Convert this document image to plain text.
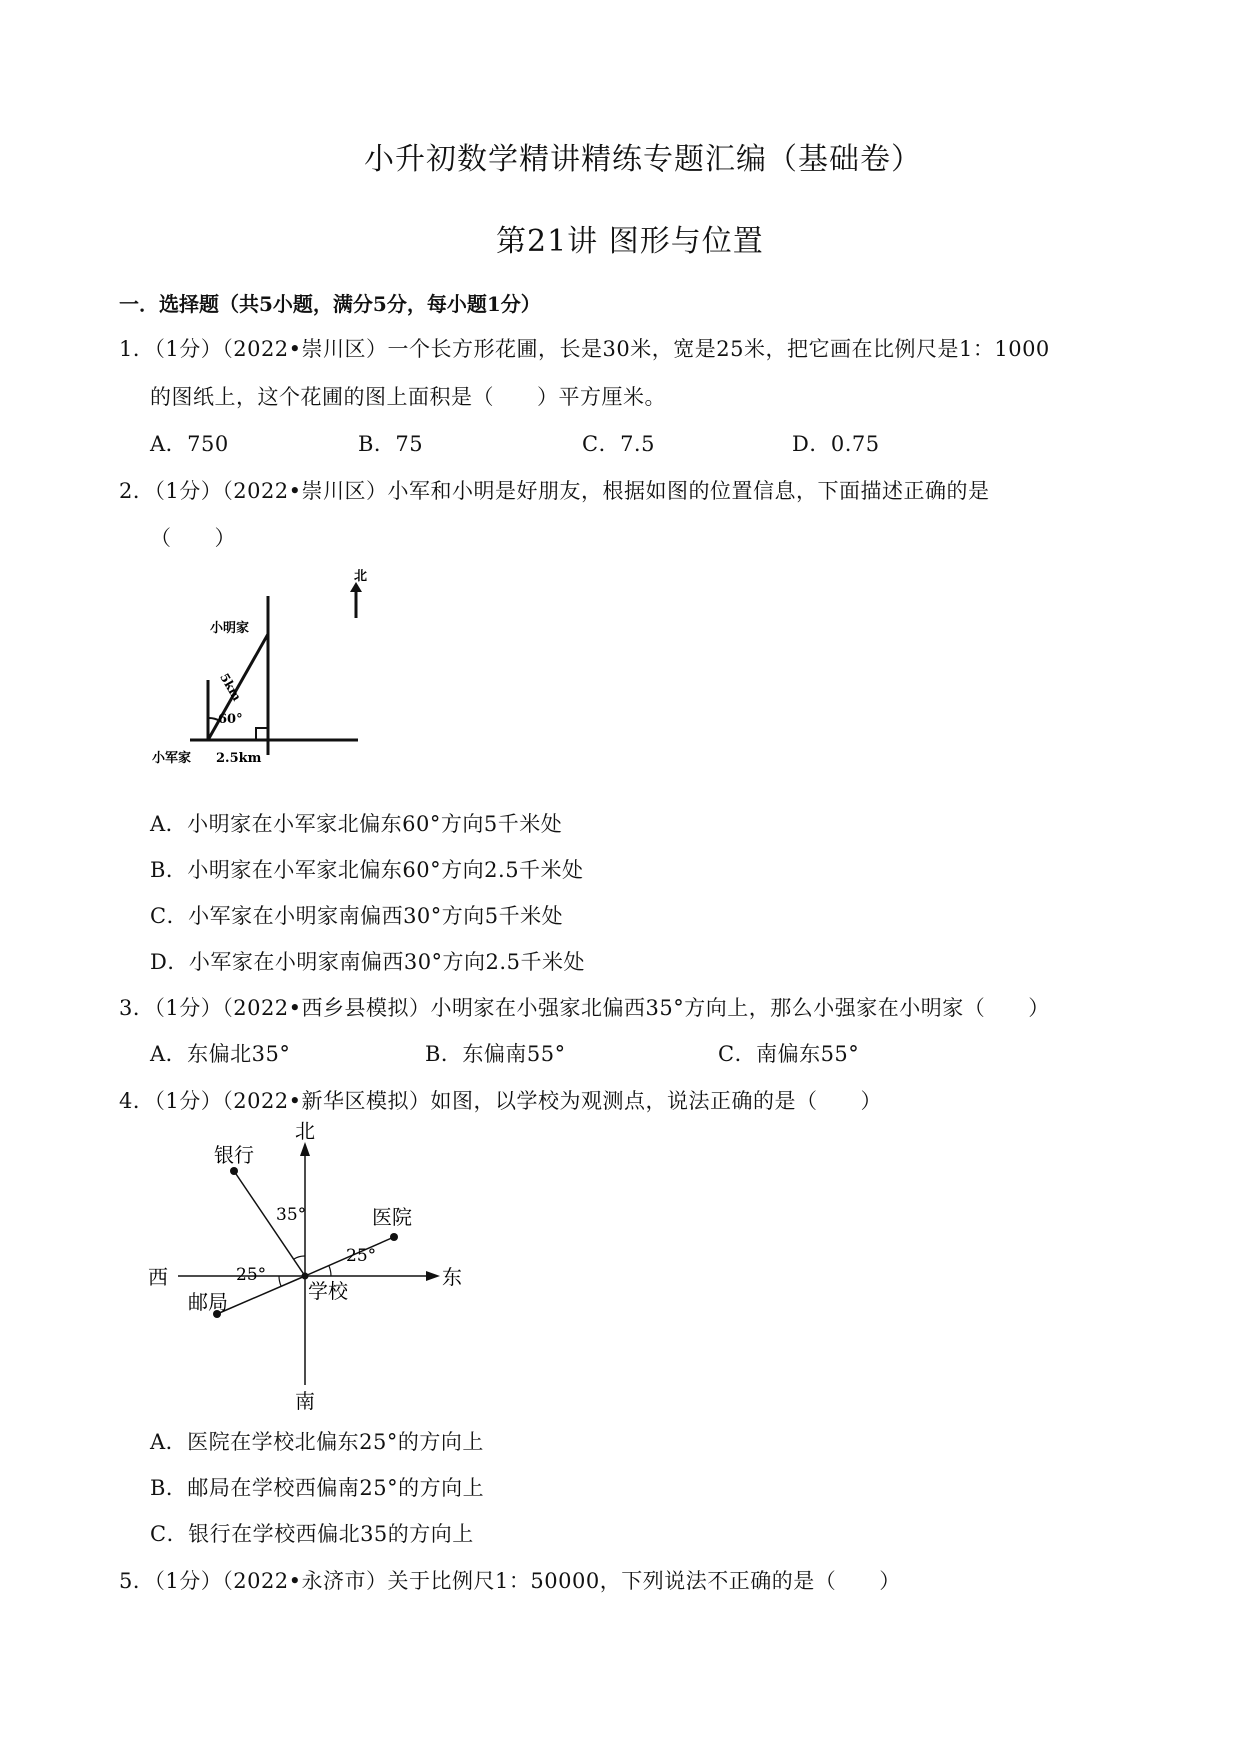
小升初数学精讲精练专题汇编（基础卷）
第21讲 图形与位置
一．选择题（共5小题，满分5分，每小题1分）
1．（1分）（2022•崇川区）一个长方形花圃，长是30米，宽是25米，把它画在比例尺是1：1000
的图纸上，这个花圃的图上面积是（　　）平方厘米。
A．750	B．75	C．7.5	D．0.75
2．（1分）（2022•崇川区）小军和小明是好朋友，根据如图的位置信息，下面描述正确的是
（　　）
北
60°
小明家
5km
小军家 2.5km
A．小明家在小军家北偏东60°方向5千米处
B．小明家在小军家北偏东60°方向2.5千米处
C．小军家在小明家南偏西30°方向5千米处
D．小军家在小明家南偏西30°方向2.5千米处
3．（1分）（2022•西乡县模拟）小明家在小强家北偏西35°方向上，那么小强家在小明家（　　）
A．东偏北35°	B．东偏南55°	C．南偏东55°
4．（1分）（2022•新华区模拟）如图，以学校为观测点，说法正确的是（　　）
北
南
东
西
银行
医院
邮局	学校
35°
25°
25°
A．医院在学校北偏东25°的方向上
B．邮局在学校西偏南25°的方向上
C．银行在学校西偏北35的方向上
5．（1分）（2022•永济市）关于比例尺1：50000，下列说法不正确的是（　　）
